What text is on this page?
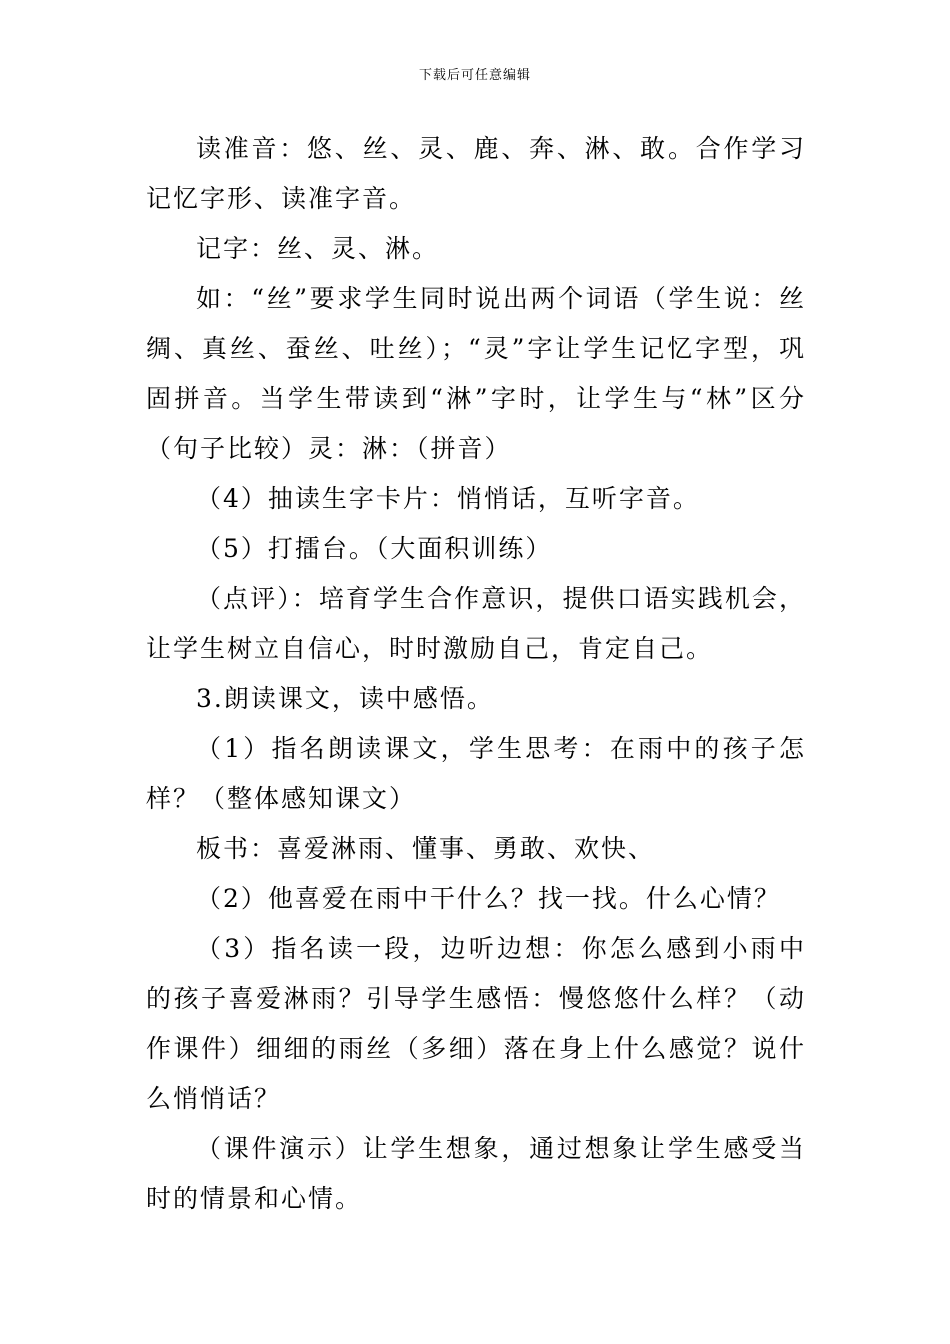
下载后可任意编辑

读准音：悠、丝、灵、鹿、奔、淋、敢。合作学习记忆字形、读准字音。

记字：丝、灵、淋。

如：“丝”要求学生同时说出两个词语（学生说：丝绸、真丝、蚕丝、吐丝）；“灵”字让学生记忆字型，巩固拼音。当学生带读到“淋”字时，让学生与“林”区分（句子比较）灵：淋：（拼音）

（4）抽读生字卡片：悄悄话，互听字音。

（5）打擂台。（大面积训练）

（点评）：培育学生合作意识，提供口语实践机会，让学生树立自信心，时时激励自己，肯定自己。

3.朗读课文，读中感悟。

（1）指名朗读课文，学生思考：在雨中的孩子怎样？（整体感知课文）

板书：喜爱淋雨、懂事、勇敢、欢快、

（2）他喜爱在雨中干什么？找一找。什么心情？

（3）指名读一段，边听边想：你怎么感到小雨中的孩子喜爱淋雨？引导学生感悟：慢悠悠什么样？（动作课件）细细的雨丝（多细）落在身上什么感觉？说什么悄悄话？

（课件演示）让学生想象，通过想象让学生感受当时的情景和心情。
